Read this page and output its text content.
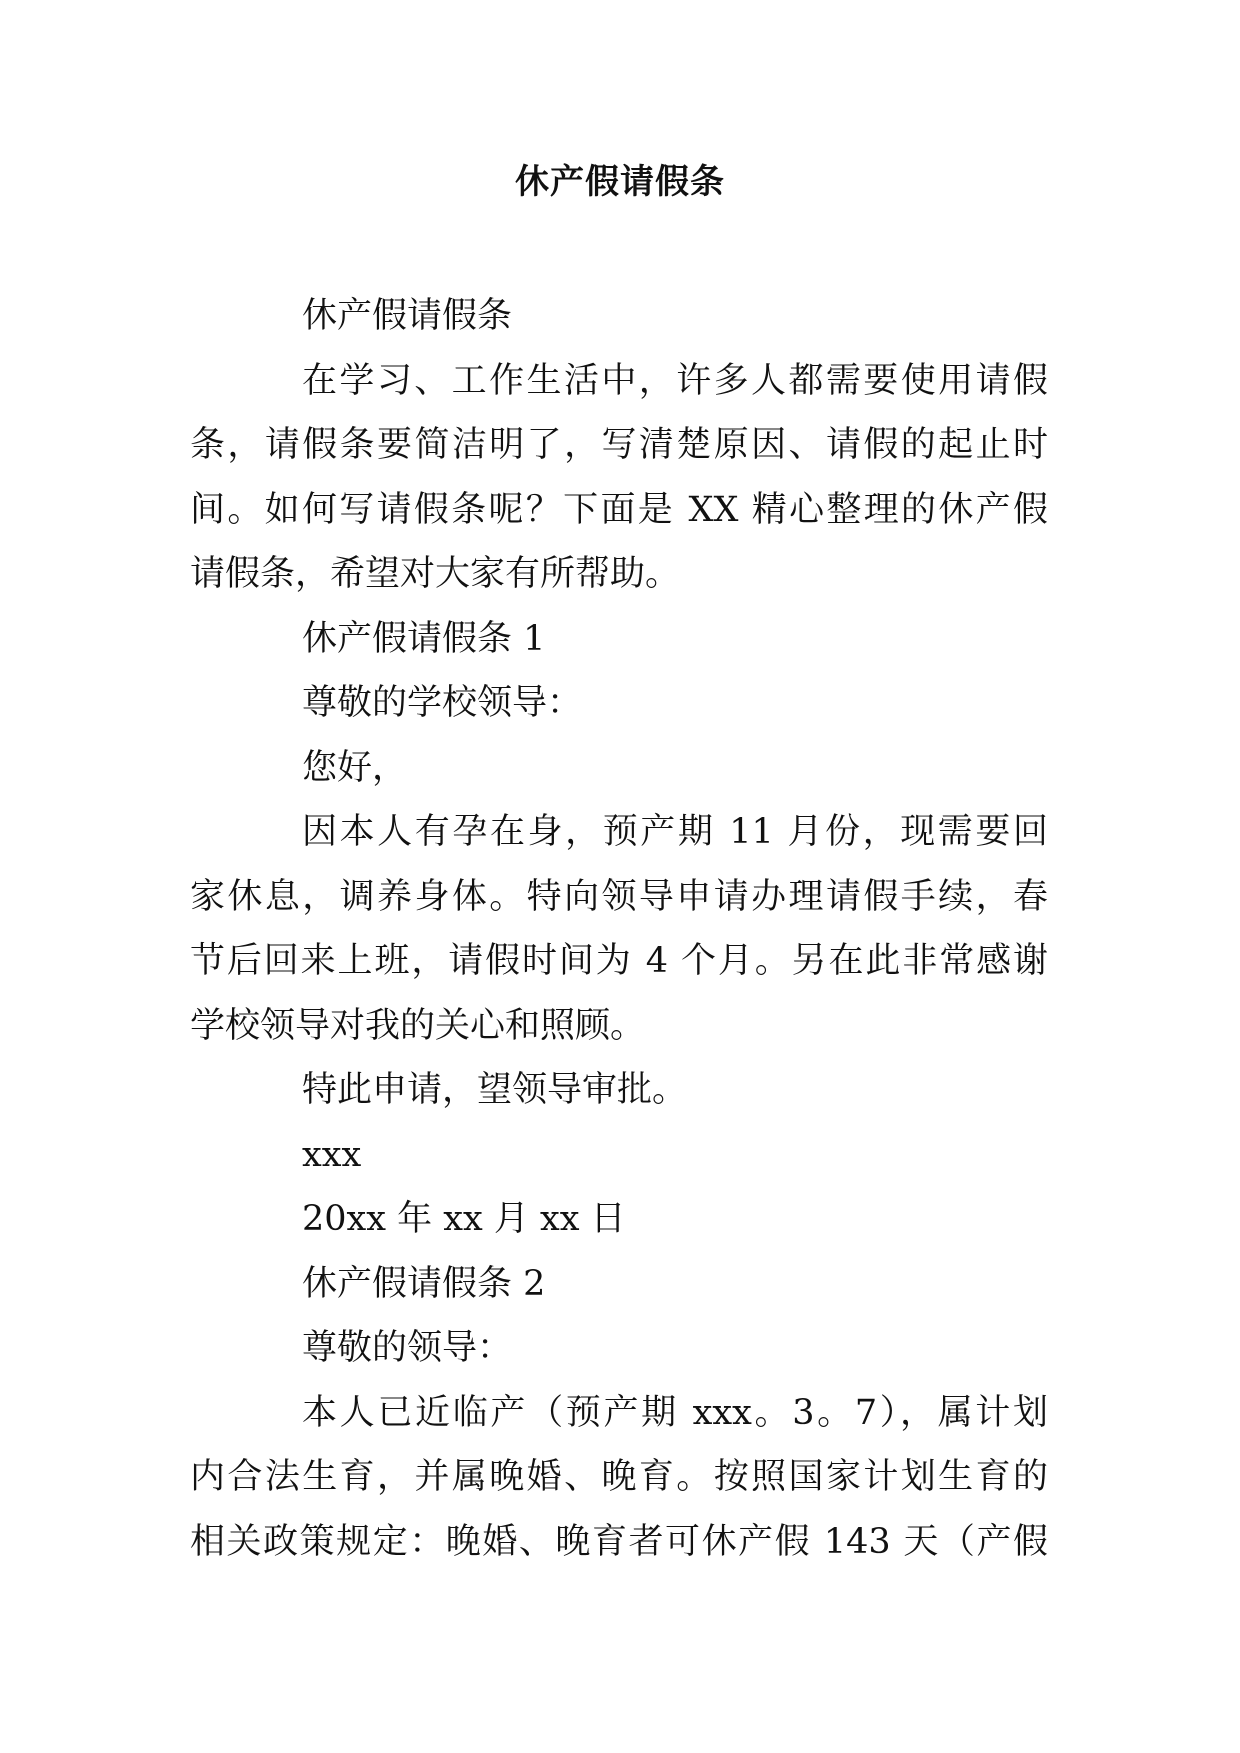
休产假请假条
休产假请假条
在学习、工作生活中，许多人都需要使用请假
条，请假条要简洁明了，写清楚原因、请假的起止时
间。如何写请假条呢？下面是 XX 精心整理的休产假
请假条，希望对大家有所帮助。
休产假请假条 1
尊敬的学校领导：
您好，
因本人有孕在身，预产期 11 月份，现需要回
家休息，调养身体。特向领导申请办理请假手续，春
节后回来上班，请假时间为 4 个月。另在此非常感谢
学校领导对我的关心和照顾。
特此申请，望领导审批。
xxx
20xx 年 xx 月 xx 日
休产假请假条 2
尊敬的领导：
本人已近临产（预产期 xxx。3。7），属计划
内合法生育，并属晚婚、晚育。按照国家计划生育的
相关政策规定：晚婚、晚育者可休产假 143 天（产假
